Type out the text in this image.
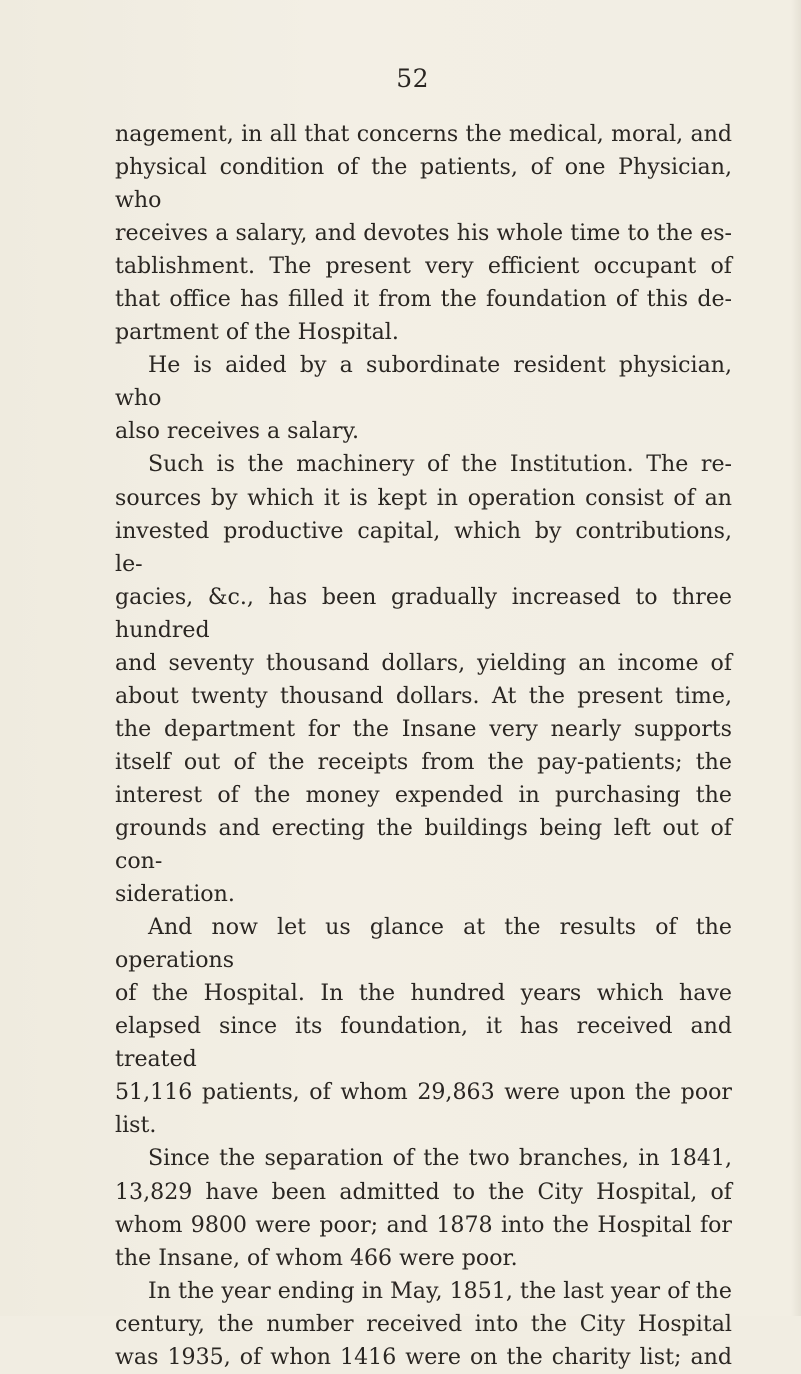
52

nagement, in all that concerns the medical, moral, and

physical condition of the patients, of one Physician, who

receives a salary, and devotes his whole time to the es-

tablishment. The present very efficient occupant of

that office has filled it from the foundation of this de-

partment of the Hospital.

He is aided by a subordinate resident physician, who

also receives a salary.

Such is the machinery of the Institution. The re-

sources by which it is kept in operation consist of an

invested productive capital, which by contributions, le-

gacies, &c., has been gradually increased to three hundred

and seventy thousand dollars, yielding an income of

about twenty thousand dollars. At the present time,

the department for the Insane very nearly supports

itself out of the receipts from the pay-patients; the

interest of the money expended in purchasing the

grounds and erecting the buildings being left out of con-

sideration.

And now let us glance at the results of the operations

of the Hospital. In the hundred years which have

elapsed since its foundation, it has received and treated

51,116 patients, of whom 29,863 were upon the poor

list.

Since the separation of the two branches, in 1841,

13,829 have been admitted to the City Hospital, of

whom 9800 were poor; and 1878 into the Hospital for

the Insane, of whom 466 were poor.

In the year ending in May, 1851, the last year of the

century, the number received into the City Hospital

was 1935, of whon 1416 were on the charity list; and
